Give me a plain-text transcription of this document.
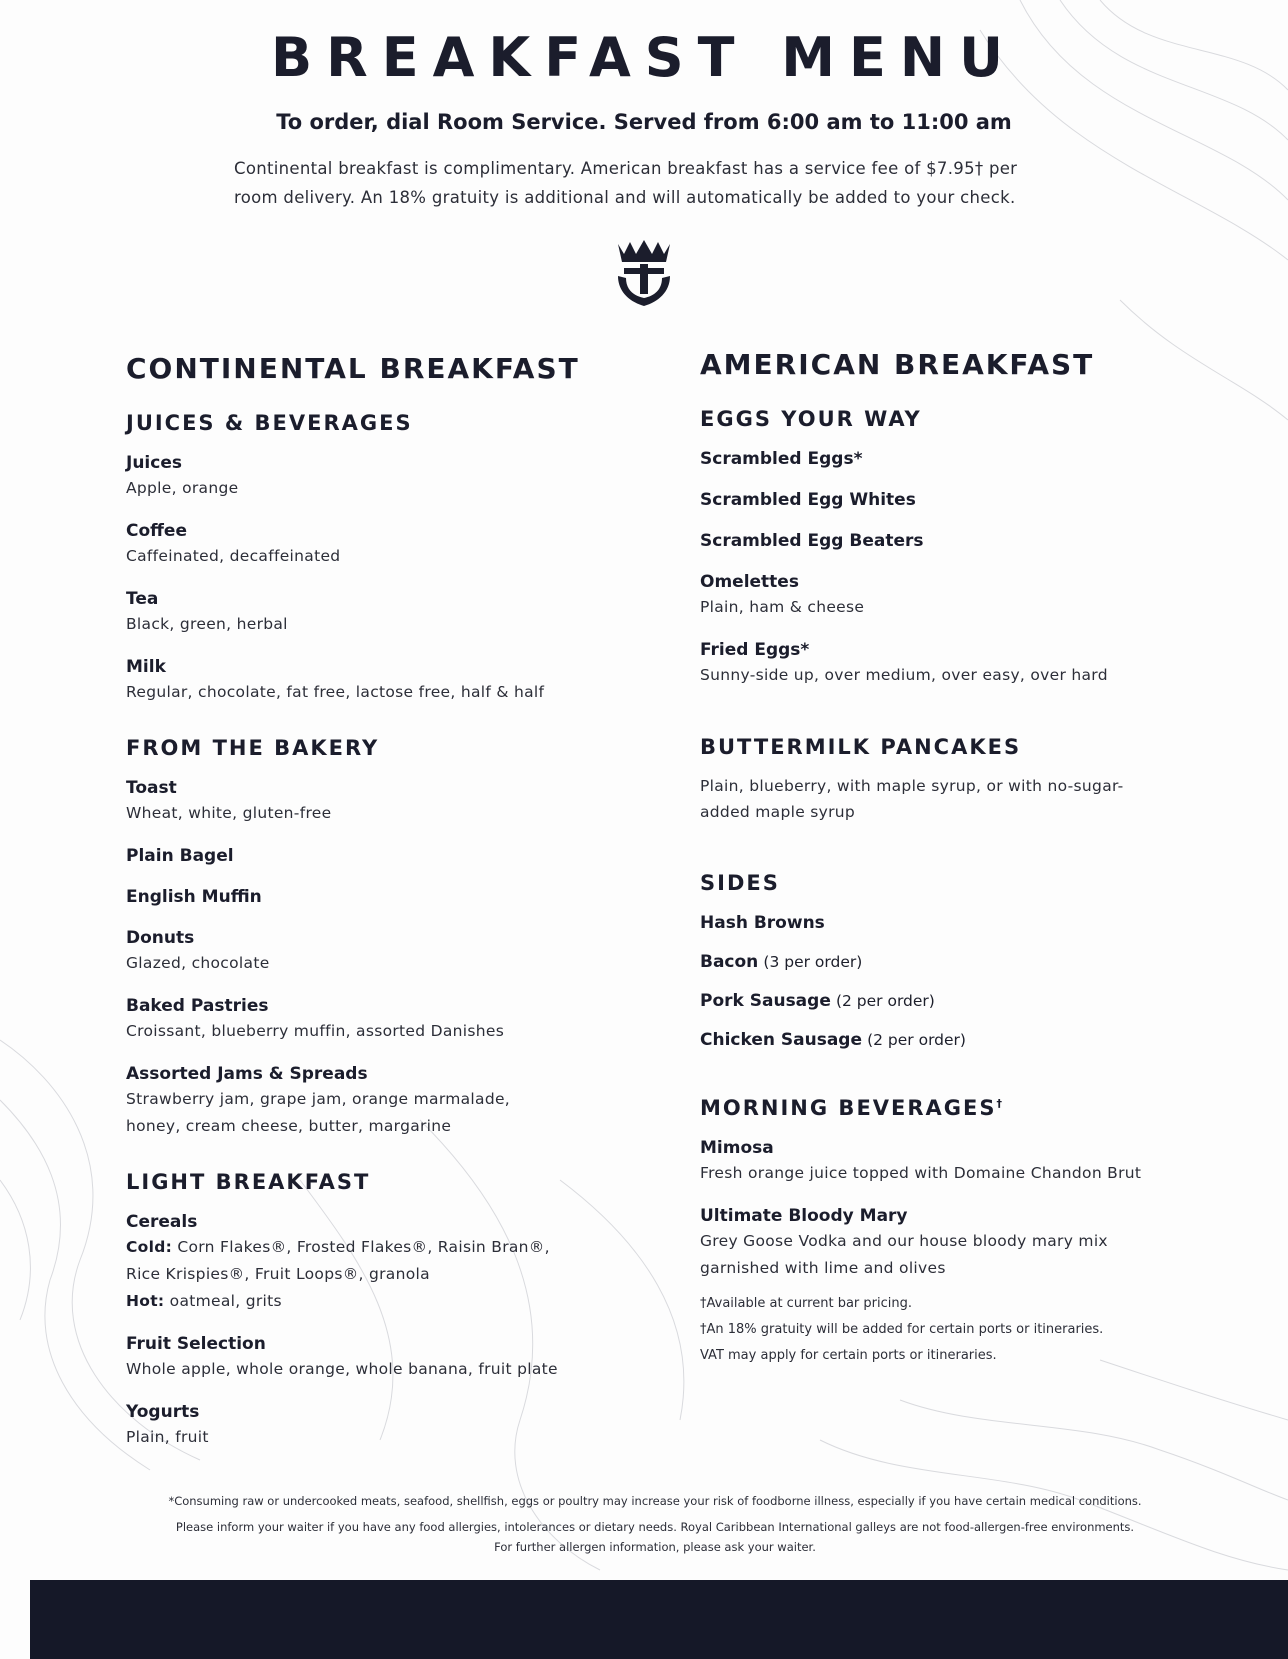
BREAKFAST MENU
To order, dial Room Service. Served from 6:00 am to 11:00 am
Continental breakfast is complimentary. American breakfast has a service fee of $7.95† per
room delivery. An 18% gratuity is additional and will automatically be added to your check.
CONTINENTAL BREAKFAST
JUICES & BEVERAGES
Juices
Apple, orange
Coffee
Caffeinated, decaffeinated
Tea
Black, green, herbal
Milk
Regular, chocolate, fat free, lactose free, half & half
FROM THE BAKERY
Toast
Wheat, white, gluten-free
Plain Bagel
English Muffin
Donuts
Glazed, chocolate
Baked Pastries
Croissant, blueberry muffin, assorted Danishes
Assorted Jams & Spreads
Strawberry jam, grape jam, orange marmalade,
honey, cream cheese, butter, margarine
LIGHT BREAKFAST
Cereals
Cold: Corn Flakes®, Frosted Flakes®, Raisin Bran®,
Rice Krispies®, Fruit Loops®, granola
Hot: oatmeal, grits
Fruit Selection
Whole apple, whole orange, whole banana, fruit plate
Yogurts
Plain, fruit
AMERICAN BREAKFAST
EGGS YOUR WAY
Scrambled Eggs*
Scrambled Egg Whites
Scrambled Egg Beaters
Omelettes
Plain, ham & cheese
Fried Eggs*
Sunny-side up, over medium, over easy, over hard
BUTTERMILK PANCAKES
Plain, blueberry, with maple syrup, or with no-sugar-
added maple syrup
SIDES
Hash Browns
Bacon (3 per order)
Pork Sausage (2 per order)
Chicken Sausage (2 per order)
MORNING BEVERAGES†
Mimosa
Fresh orange juice topped with Domaine Chandon Brut
Ultimate Bloody Mary
Grey Goose Vodka and our house bloody mary mix
garnished with lime and olives
†Available at current bar pricing.
†An 18% gratuity will be added for certain ports or itineraries.
VAT may apply for certain ports or itineraries.
*Consuming raw or undercooked meats, seafood, shellfish, eggs or poultry may increase your risk of foodborne illness, especially if you have certain medical conditions.
Please inform your waiter if you have any food allergies, intolerances or dietary needs. Royal Caribbean International galleys are not food-allergen-free environments.
For further allergen information, please ask your waiter.
